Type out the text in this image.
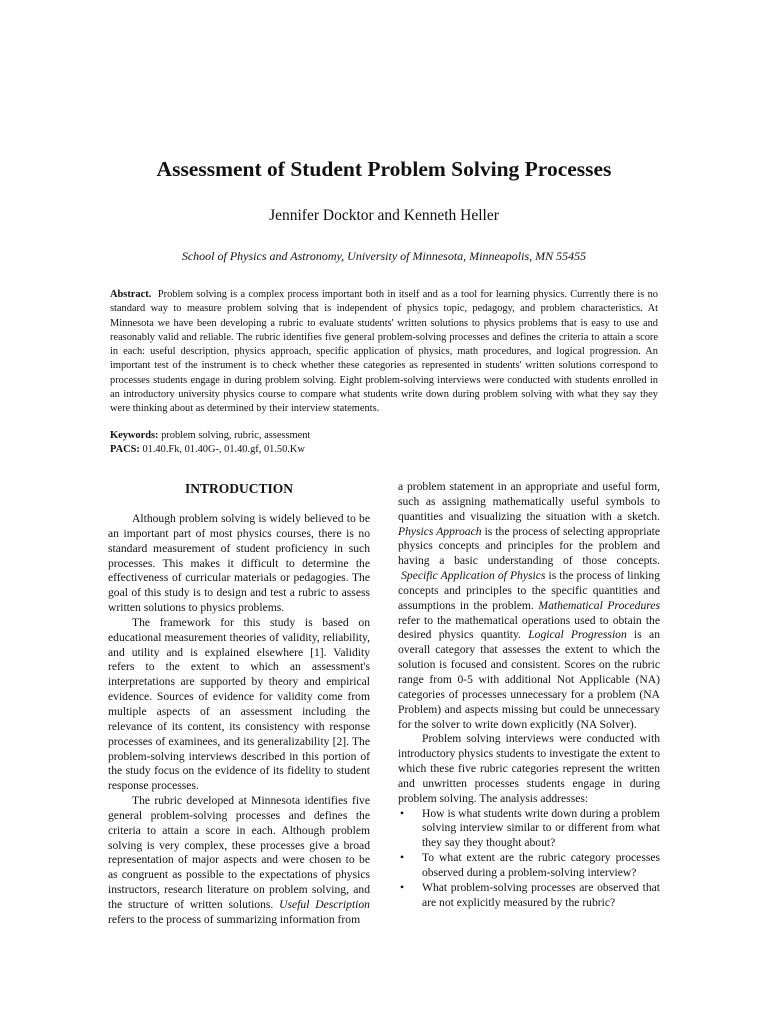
Assessment of Student Problem Solving Processes
Jennifer Docktor and Kenneth Heller
School of Physics and Astronomy, University of Minnesota, Minneapolis, MN 55455

Abstract. Problem solving is a complex process important both in itself and as a tool for learning physics. Currently there is no standard way to measure problem solving that is independent of physics topic, pedagogy, and problem characteristics. At Minnesota we have been developing a rubric to evaluate students' written solutions to physics problems that is easy to use and reasonably valid and reliable. The rubric identifies five general problem-solving processes and defines the criteria to attain a score in each: useful description, physics approach, specific application of physics, math procedures, and logical progression. An important test of the instrument is to check whether these categories as represented in students' written solutions correspond to processes students engage in during problem solving. Eight problem-solving interviews were conducted with students enrolled in an introductory university physics course to compare what students write down during problem solving with what they say they were thinking about as determined by their interview statements.

Keywords: problem solving, rubric, assessment
PACS: 01.40.Fk, 01.40G-, 01.40.gf, 01.50.Kw
INTRODUCTION

Although problem solving is widely believed to be an important part of most physics courses, there is no standard measurement of student proficiency in such processes. This makes it difficult to determine the effectiveness of curricular materials or pedagogies. The goal of this study is to design and test a rubric to assess written solutions to physics problems.

The framework for this study is based on educational measurement theories of validity, reliability, and utility and is explained elsewhere [1]. Validity refers to the extent to which an assessment's interpretations are supported by theory and empirical evidence. Sources of evidence for validity come from multiple aspects of an assessment including the relevance of its content, its consistency with response processes of examinees, and its generalizability [2]. The problem-solving interviews described in this portion of the study focus on the evidence of its fidelity to student response processes.

The rubric developed at Minnesota identifies five general problem-solving processes and defines the criteria to attain a score in each. Although problem solving is very complex, these processes give a broad representation of major aspects and were chosen to be as congruent as possible to the expectations of physics instructors, research literature on problem solving, and the structure of written solutions. Useful Description refers to the process of summarizing information from

a problem statement in an appropriate and useful form, such as assigning mathematically useful symbols to quantities and visualizing the situation with a sketch. Physics Approach is the process of selecting appropriate physics concepts and principles for the problem and having a basic understanding of those concepts.  Specific Application of Physics is the process of linking concepts and principles to the specific quantities and assumptions in the problem. Mathematical Procedures refer to the mathematical operations used to obtain the desired physics quantity. Logical Progression is an overall category that assesses the extent to which the solution is focused and consistent. Scores on the rubric range from 0-5 with additional Not Applicable (NA) categories of processes unnecessary for a problem (NA Problem) and aspects missing but could be unnecessary for the solver to write down explicitly (NA Solver).

Problem solving interviews were conducted with introductory physics students to investigate the extent to which these five rubric categories represent the written and unwritten processes students engage in during problem solving. The analysis addresses:

• How is what students write down during a problem solving interview similar to or different from what they say they thought about?
• To what extent are the rubric category processes observed during a problem-solving interview?
• What problem-solving processes are observed that are not explicitly measured by the rubric?
